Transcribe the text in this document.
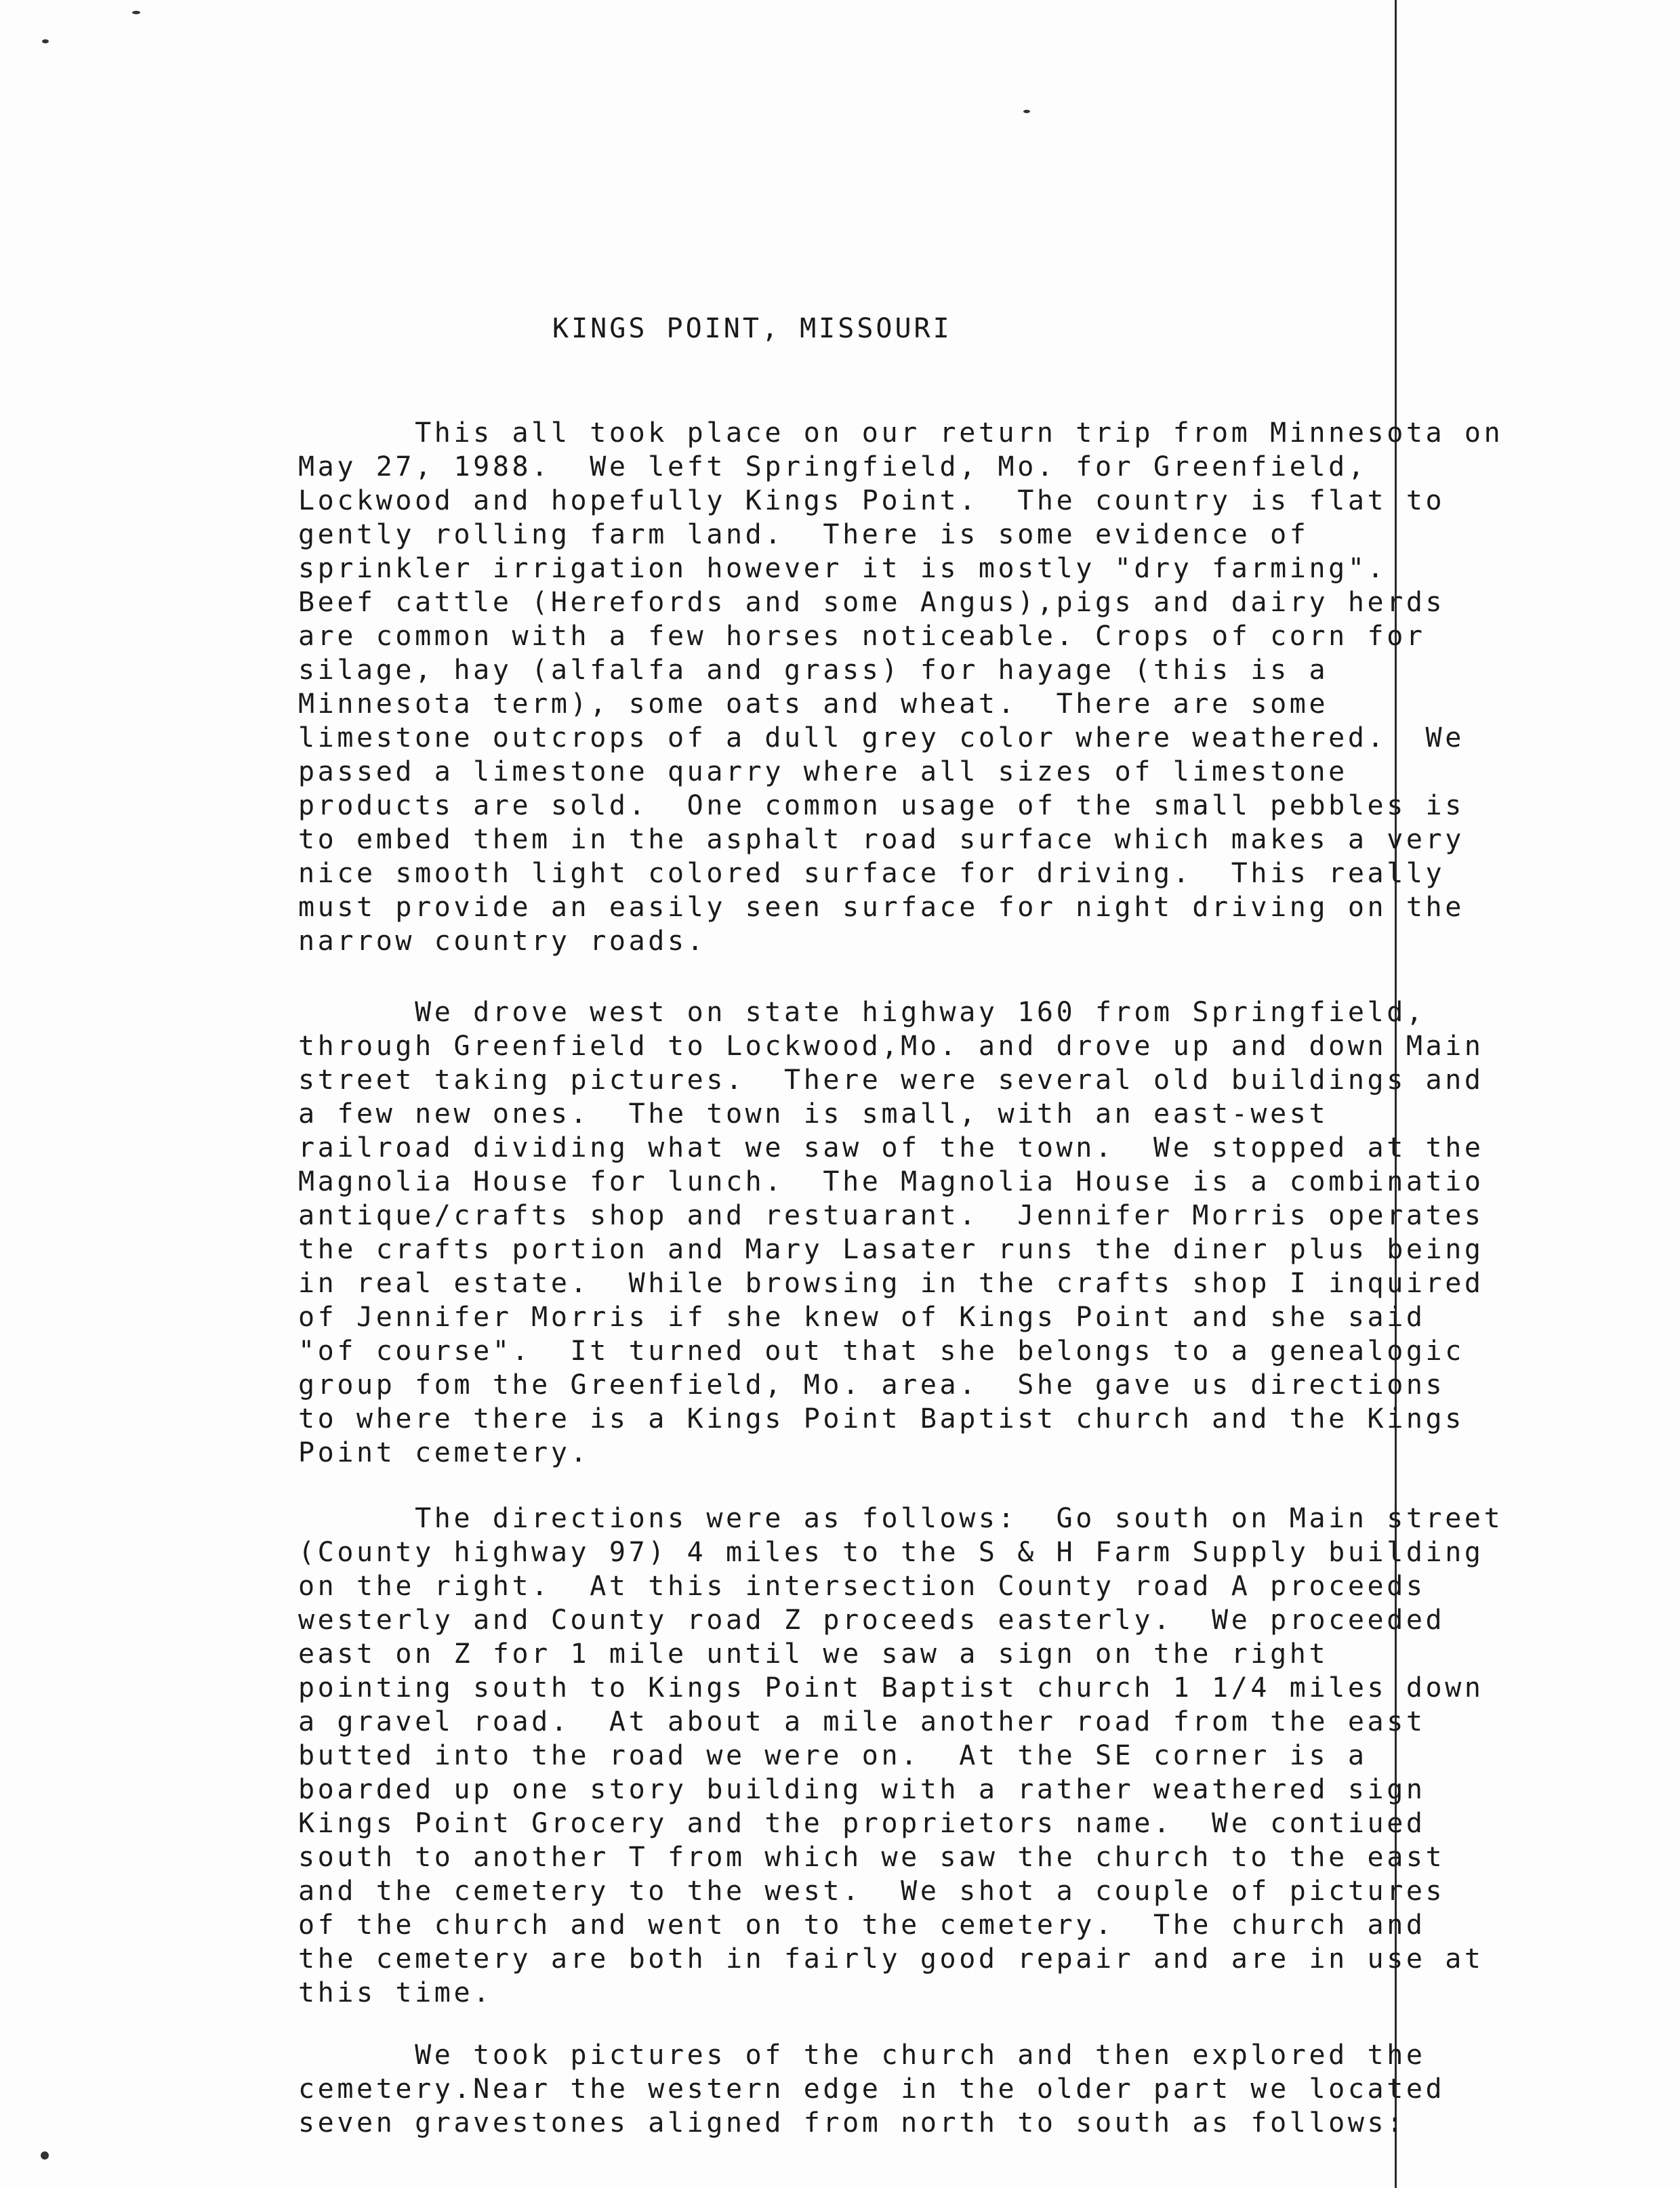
KINGS POINT, MISSOURI
This all took place on our return trip from Minnesota on
May 27, 1988.  We left Springfield, Mo. for Greenfield,
Lockwood and hopefully Kings Point.  The country is flat to
gently rolling farm land.  There is some evidence of
sprinkler irrigation however it is mostly "dry farming".
Beef cattle (Herefords and some Angus),pigs and dairy herds
are common with a few horses noticeable. Crops of corn for
silage, hay (alfalfa and grass) for hayage (this is a
Minnesota term), some oats and wheat.  There are some
limestone outcrops of a dull grey color where weathered.  We
passed a limestone quarry where all sizes of limestone
products are sold.  One common usage of the small pebbles is
to embed them in the asphalt road surface which makes a very
nice smooth light colored surface for driving.  This really
must provide an easily seen surface for night driving on the
narrow country roads.
We drove west on state highway 160 from Springfield,
through Greenfield to Lockwood,Mo. and drove up and down Main
street taking pictures.  There were several old buildings and
a few new ones.  The town is small, with an east-west
railroad dividing what we saw of the town.  We stopped at the
Magnolia House for lunch.  The Magnolia House is a combinatio
antique/crafts shop and restuarant.  Jennifer Morris operates
the crafts portion and Mary Lasater runs the diner plus being
in real estate.  While browsing in the crafts shop I inquired
of Jennifer Morris if she knew of Kings Point and she said
"of course".  It turned out that she belongs to a genealogic
group fom the Greenfield, Mo. area.  She gave us directions
to where there is a Kings Point Baptist church and the Kings
Point cemetery.
The directions were as follows:  Go south on Main street
(County highway 97) 4 miles to the S & H Farm Supply building
on the right.  At this intersection County road A proceeds
westerly and County road Z proceeds easterly.  We proceeded
east on Z for 1 mile until we saw a sign on the right
pointing south to Kings Point Baptist church 1 1/4 miles down
a gravel road.  At about a mile another road from the east
butted into the road we were on.  At the SE corner is a
boarded up one story building with a rather weathered sign
Kings Point Grocery and the proprietors name.  We contiued
south to another T from which we saw the church to the east
and the cemetery to the west.  We shot a couple of pictures
of the church and went on to the cemetery.  The church and
the cemetery are both in fairly good repair and are in use at
this time.
We took pictures of the church and then explored the
cemetery.Near the western edge in the older part we located
seven gravestones aligned from north to south as follows:
